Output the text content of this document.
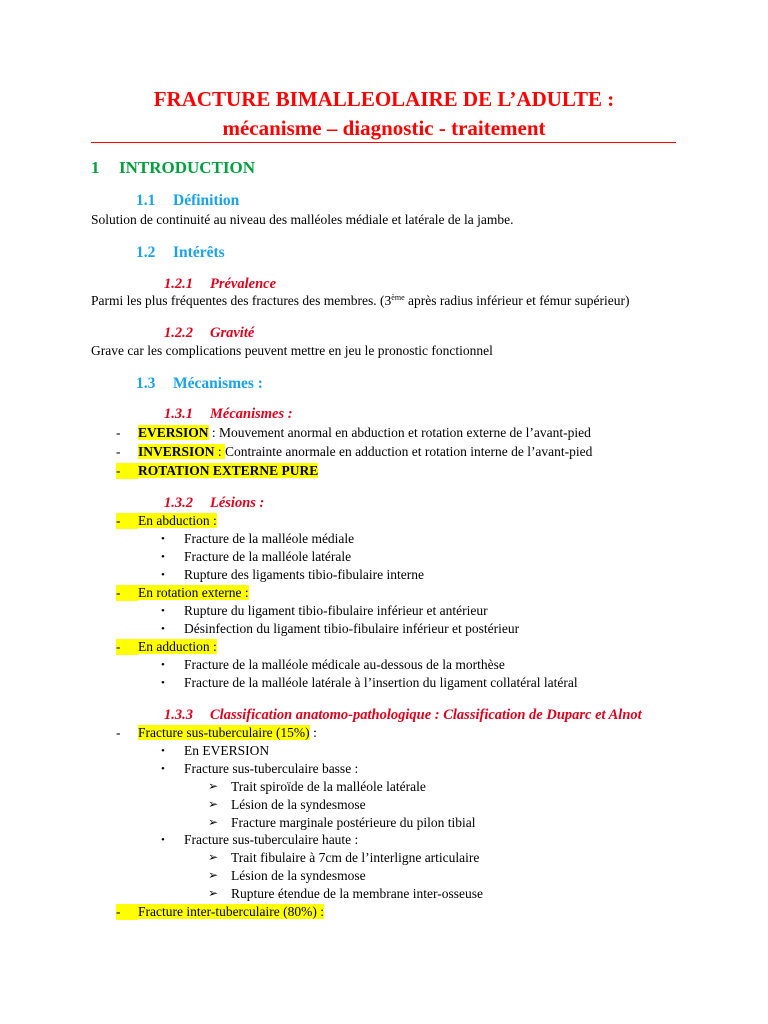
FRACTURE BIMALLEOLAIRE DE L’ADULTE :
mécanisme – diagnostic - traitement
1 INTRODUCTION
1.1 Définition
Solution de continuité au niveau des malléoles médiale et latérale de la jambe.
1.2 Intérêts
1.2.1 Prévalence
Parmi les plus fréquentes des fractures des membres. (3ème après radius inférieur et fémur supérieur)
1.2.2 Gravité
Grave car les complications peuvent mettre en jeu le pronostic fonctionnel
1.3 Mécanismes :
1.3.1 Mécanismes :
- EVERSION : Mouvement anormal en abduction et rotation externe de l’avant-pied
- INVERSION : Contrainte anormale en adduction et rotation interne de l’avant-pied
- ROTATION EXTERNE PURE
1.3.2 Lésions :
- En abduction :
• Fracture de la malléole médiale
• Fracture de la malléole latérale
• Rupture des ligaments tibio-fibulaire interne
- En rotation externe :
• Rupture du ligament tibio-fibulaire inférieur et antérieur
• Désinfection du ligament tibio-fibulaire inférieur et postérieur
- En adduction :
• Fracture de la malléole médicale au-dessous de la morthèse
• Fracture de la malléole latérale à l’insertion du ligament collatéral latéral
1.3.3 Classification anatomo-pathologique : Classification de Duparc et Alnot
- Fracture sus-tuberculaire (15%) :
• En EVERSION
• Fracture sus-tuberculaire basse :
➢ Trait spiroïde de la malléole latérale
➢ Lésion de la syndesmose
➢ Fracture marginale postérieure du pilon tibial
• Fracture sus-tuberculaire haute :
➢ Trait fibulaire à 7cm de l’interligne articulaire
➢ Lésion de la syndesmose
➢ Rupture étendue de la membrane inter-osseuse
- Fracture inter-tuberculaire (80%) :
